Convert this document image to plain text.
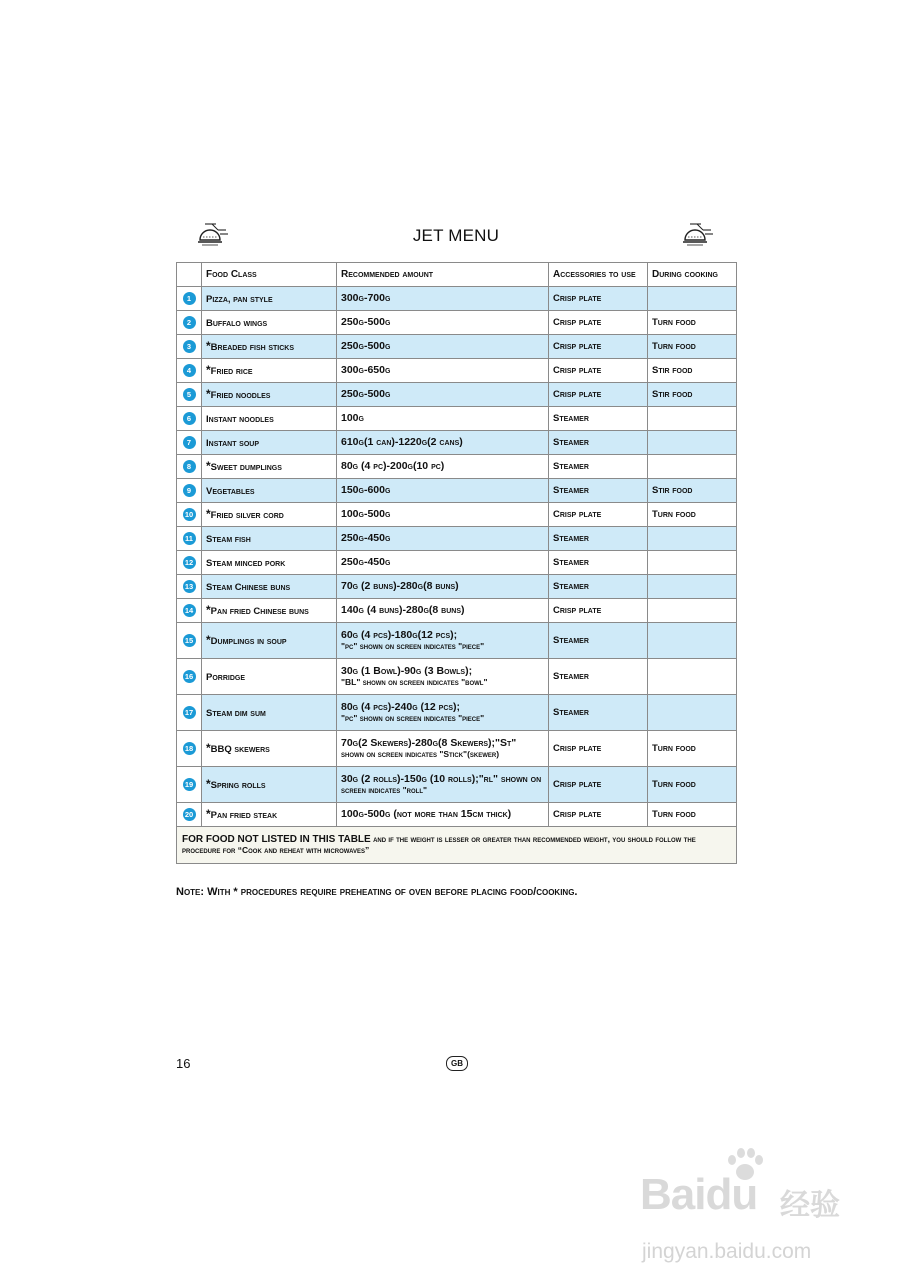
JET MENU
	Food Class	Recommended amount	Accessories to use	During cooking
1	Pizza, pan style	300g-700g	Crisp plate	
2	Buffalo wings	250g-500g	Crisp plate	Turn food
3	*Breaded fish sticks	250g-500g	Crisp plate	Turn food
4	*Fried rice	300g-650g	Crisp plate	Stir food
5	*Fried noodles	250g-500g	Crisp plate	Stir food
6	Instant noodles	100g	Steamer	
7	Instant soup	610g(1 can)-1220g(2 cans)	Steamer	
8	*Sweet dumplings	80g (4 pc)-200g(10 pc)	Steamer	
9	Vegetables	150g-600g	Steamer	Stir food
10	*Fried silver cord	100g-500g	Crisp plate	Turn food
11	Steam fish	250g-450g	Steamer	
12	Steam minced pork	250g-450g	Steamer	
13	Steam Chinese buns	70g (2 buns)-280g(8 buns)	Steamer	
14	*Pan fried Chinese buns	140g (4 buns)-280g(8 buns)	Crisp plate	
15	*Dumplings in soup	60g (4 pcs)-180g(12 pcs);
"pc" shown on screen indicates "piece"	Steamer	
16	Porridge	30g (1 Bowl)-90g (3 Bowls);
"BL" shown on screen indicates "bowl"	Steamer	
17	Steam dim sum	80g (4 pcs)-240g (12 pcs);
"pc" shown on screen indicates "piece"	Steamer	
18	*BBQ skewers	70g(2 Skewers)-280g(8 Skewers);"St"
shown on screen indicates "Stick"(skewer)	Crisp plate	Turn food
19	*Spring rolls	30g (2 rolls)-150g (10 rolls);"rl" shown on
screen indicates "roll"	Crisp plate	Turn food
20	*Pan fried steak	100g-500g (not more than 15cm thick)	Crisp plate	Turn food
FOR FOOD NOT LISTED IN THIS TABLE and if the weight is lesser or greater than recommended weight, you should follow the procedure for “Cook and reheat with microwaves”				
Note: With * procedures require preheating of oven before placing food/cooking.
16	GB
Baidu 经验
jingyan.baidu.com
